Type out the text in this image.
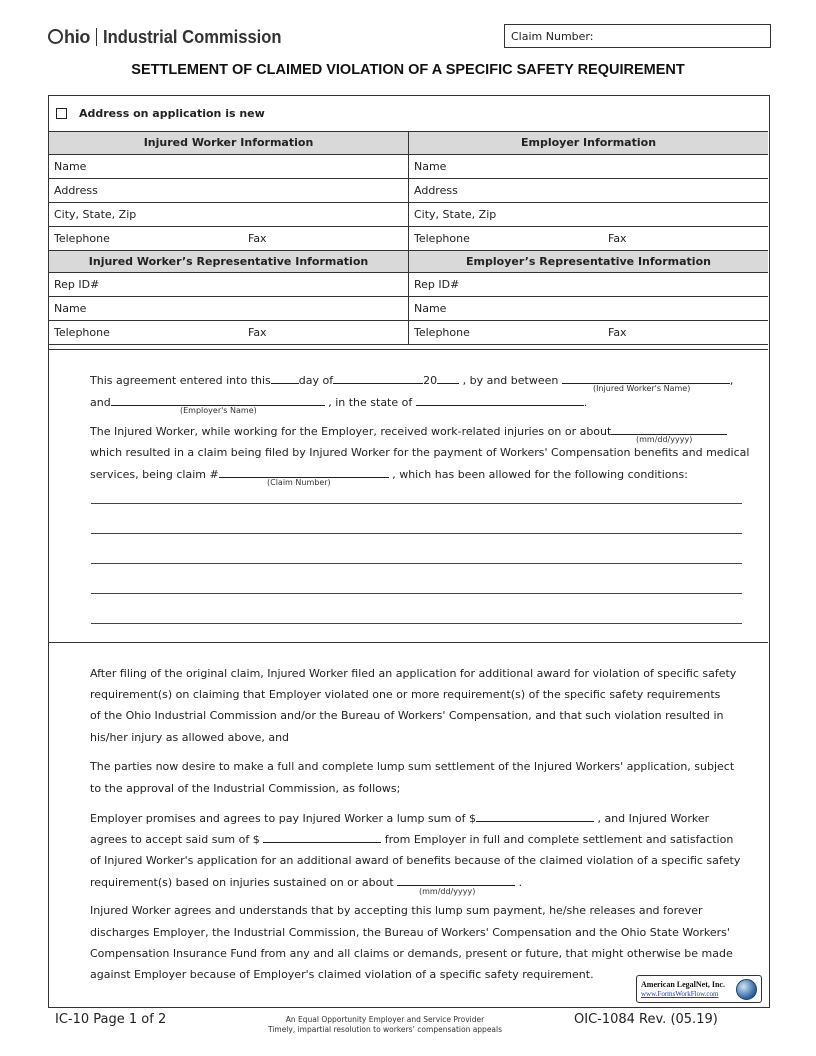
hio Industrial Commission	Claim Number:
SETTLEMENT OF CLAIMED VIOLATION OF A SPECIFIC SAFETY REQUIREMENT
Address on application is new
Injured Worker Information	Employer Information
Name	Name
Address	Address
City, State, Zip	City, State, Zip

Telephone Fax	Telephone Fax

Injured Worker’s Representative Information	Employer’s Representative Information
Rep ID#	Rep ID#
Name	Name

Telephone Fax	Telephone Fax
This agreement entered into this	day of	20 , by and between	,
(Injured Worker's Name)
and	, in the state of	.
(Employer's Name)
The Injured Worker, while working for the Employer, received work-related injuries on or about
(mm/dd/yyyy)
which resulted in a claim being filed by Injured Worker for the payment of Workers' Compensation benefits and medical
services, being claim #	, which has been allowed for the following conditions:
(Claim Number)
After filing of the original claim, Injured Worker filed an application for additional award for violation of specific safety
requirement(s) on claiming that Employer violated one or more requirement(s) of the specific safety requirements
of the Ohio Industrial Commission and/or the Bureau of Workers' Compensation, and that such violation resulted in
his/her injury as allowed above, and
The parties now desire to make a full and complete lump sum settlement of the Injured Workers' application, subject
to the approval of the Industrial Commission, as follows;
Employer promises and agrees to pay Injured Worker a lump sum of $	, and Injured Worker
agrees to accept said sum of $	from Employer in full and complete settlement and satisfaction
of Injured Worker's application for an additional award of benefits because of the claimed violation of a specific safety
requirement(s) based on injuries sustained on or about	.
(mm/dd/yyyy)
Injured Worker agrees and understands that by accepting this lump sum payment, he/she releases and forever
discharges Employer, the Industrial Commission, the Bureau of Workers' Compensation and the Ohio State Workers'
Compensation Insurance Fund from any and all claims or demands, present or future, that might otherwise be made
against Employer because of Employer's claimed violation of a specific safety requirement.
American LegalNet, Inc.
www.FormsWorkFlow.com
IC-10 Page 1 of 2	An Equal Opportunity Employer and Service Provider
Timely, impartial resolution to workers’ compensation appeals
OIC-1084 Rev. (05.19)
